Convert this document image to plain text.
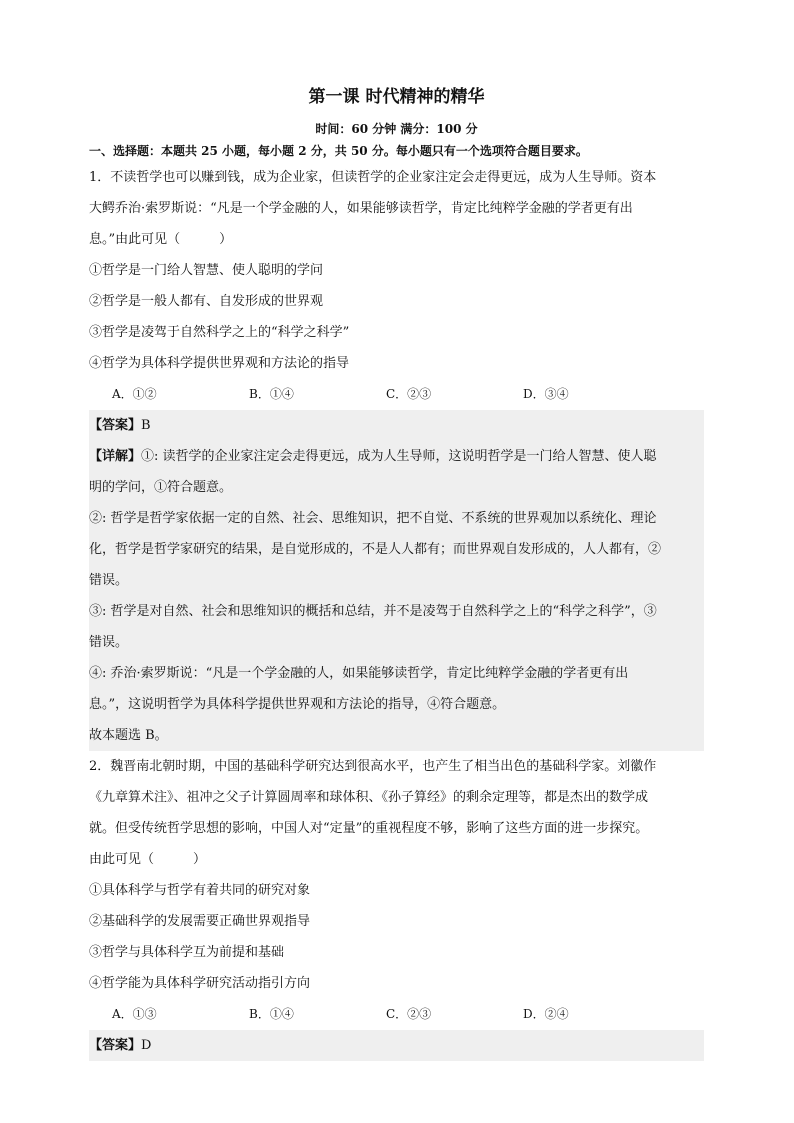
第一课 时代精神的精华
时间：60 分钟 满分：100 分
一、选择题：本题共 25 小题，每小题 2 分，共 50 分。每小题只有一个选项符合题目要求。

1．不读哲学也可以赚到钱，成为企业家，但读哲学的企业家注定会走得更远，成为人生导师。资本

大鳄乔治·索罗斯说：“凡是一个学金融的人，如果能够读哲学，肯定比纯粹学金融的学者更有出

息。”由此可见（　　　）

①哲学是一门给人智慧、使人聪明的学问

②哲学是一般人都有、自发形成的世界观

③哲学是凌驾于自然科学之上的“科学之科学”

④哲学为具体科学提供世界观和方法论的指导

A．①②	B．①④	C．②③	D．③④

【答案】B

【详解】①: 读哲学的企业家注定会走得更远，成为人生导师，这说明哲学是一门给人智慧、使人聪

明的学问，①符合题意。

②: 哲学是哲学家依据一定的自然、社会、思维知识，把不自觉、不系统的世界观加以系统化、理论

化，哲学是哲学家研究的结果，是自觉形成的，不是人人都有；而世界观自发形成的，人人都有，②

错误。

③: 哲学是对自然、社会和思维知识的概括和总结，并不是凌驾于自然科学之上的“科学之科学”，③

错误。

④: 乔治·索罗斯说：“凡是一个学金融的人，如果能够读哲学，肯定比纯粹学金融的学者更有出

息。”，这说明哲学为具体科学提供世界观和方法论的指导，④符合题意。

故本题选 B。

2．魏晋南北朝时期，中国的基础科学研究达到很高水平，也产生了相当出色的基础科学家。刘徽作

《九章算术注》、祖冲之父子计算圆周率和球体积、《孙子算经》的剩余定理等，都是杰出的数学成

就。但受传统哲学思想的影响，中国人对“定量”的重视程度不够，影响了这些方面的进一步探究。

由此可见（　　　）

①具体科学与哲学有着共同的研究对象

②基础科学的发展需要正确世界观指导

③哲学与具体科学互为前提和基础

④哲学能为具体科学研究活动指引方向

A．①③	B．①④	C．②③	D．②④

【答案】D
